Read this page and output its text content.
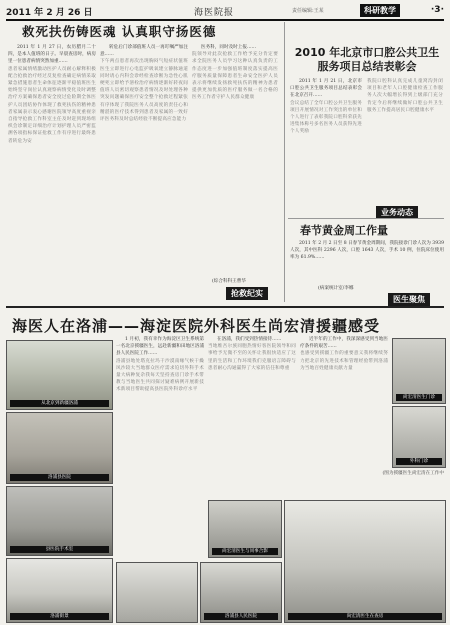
2011 年 2 月 26 日	海医院报	责任编辑:王某	科研教学	·3·
救死扶伤铸医魂 认真职守扬医德

2011 年 1 月 27 日，农历腊月二十四，是本人值班的日子。早晨查房时，病房里一位患者病情突然加重……

患者家属情绪激动医护人员耐心解释积极配合抢救治疗经过反复检查确定病情采取紧急措施患者生命体征逐渐平稳值班医生始终坚守岗位认真观察病情变化及时调整治疗方案确保患者安全度过危险期全体医护人员团结协作体现了救死扶伤的精神患者家属表示衷心感谢医院领导高度重视亲自指导抢救工作科室主任及时赶到现场组织会诊制定详细治疗计划护理人员严密监测各项指标保证抢救工作有序进行最终患者转危为安

转危后门诊部值班人员一再叮嘱严加注意……

下午两点患者再次出现胸闷气短症状值班医生立即进行心电监护吸氧建立静脉通道同时请心内科会诊经检查诊断为急性心肌梗死立即给予溶栓治疗病情逐渐好转夜间值班人员密切观察患者情况及时处理各种突发问题确保医疗安全整个抢救过程紧张有序体现了我院医务人员高度的责任心和精湛的医疗技术得到患者及家属的一致好评医务科及时总结经验不断提高应急能力

医务科，同时及时上报……

院领导对此次抢救工作给予充分肯定要求全院医务人员学习这种认真负责的工作态度进一步加强值班制度落实提高医疗服务质量保障患者生命安全医护人员表示将继续发扬救死扶伤的精神为患者提供更加优质的医疗服务做一名合格的医务工作者守护人民群众健康
(综合科科王曹华
抢救纪实
2010 年北京市口腔公共卫生服务项目总结表彰会

2011 年 1 月 21 日，北京市口腔公共卫生服务项目总结表彰会在北京召开……

会议总结了全年口腔公共卫生服务项目开展情况对工作突出的单位和个人进行了表彰我院口腔科荣获先进集体称号多名医务人员获得先进个人奖励
我院口腔科认真完成儿童窝沟封闭项目和老年人口腔健康检查工作服务人次大幅增长得到上级部门充分肯定今后将继续做好口腔公共卫生服务工作提高居民口腔健康水平
业务动态
春节黄金周工作量

2011 年 2 月 2 日至 8 日春节黄金周期间，我院接诊门诊人次为 3939 人次，其中医科 2296 人次，口腔 1643 人次，手术 10 例，住院床位使用率为 61.9%……

(病案统计室/李娜
医生聚焦
海医人在洛浦——海淀医院外科医生尚宏清援疆感受
从北京到新疆洛浦
洛浦县医院
县医院手术室
洛浦街景

1 月初，我有幸作为海淀区卫生系统第一名北京援疆医生，远赴新疆和田地区洛浦县人民医院工作……

洛浦县地处塔克拉玛干沙漠南缘气候干燥风沙较大当地群众医疗需求迫切外科手术量大病种复杂我每天坚持查房门诊手术带教与当地医生共同探讨疑难病例开展新技术新项目帮助提高县医院外科诊疗水平

在洛浦，我们受到热情接待……

当地维吾尔族同胞热情好客医院领导和同事给予无微不至的关怀让我很快适应了这里的生活和工作环境我们克服语言障碍与患者耐心沟通赢得了大家的信任和尊重

近半年的工作中，我深深感受到当地医疗条件的艰苦……

也感受到援疆工作的重要意义我将继续努力把北京的先进技术和管理经验带到洛浦为当地百姓健康贡献力量
尚宏清医生门诊
外科门诊
(图为援疆医生尚宏清在工作中
尚宏清医生与同事合影
洛浦县人民医院	尚宏清医生在查房
